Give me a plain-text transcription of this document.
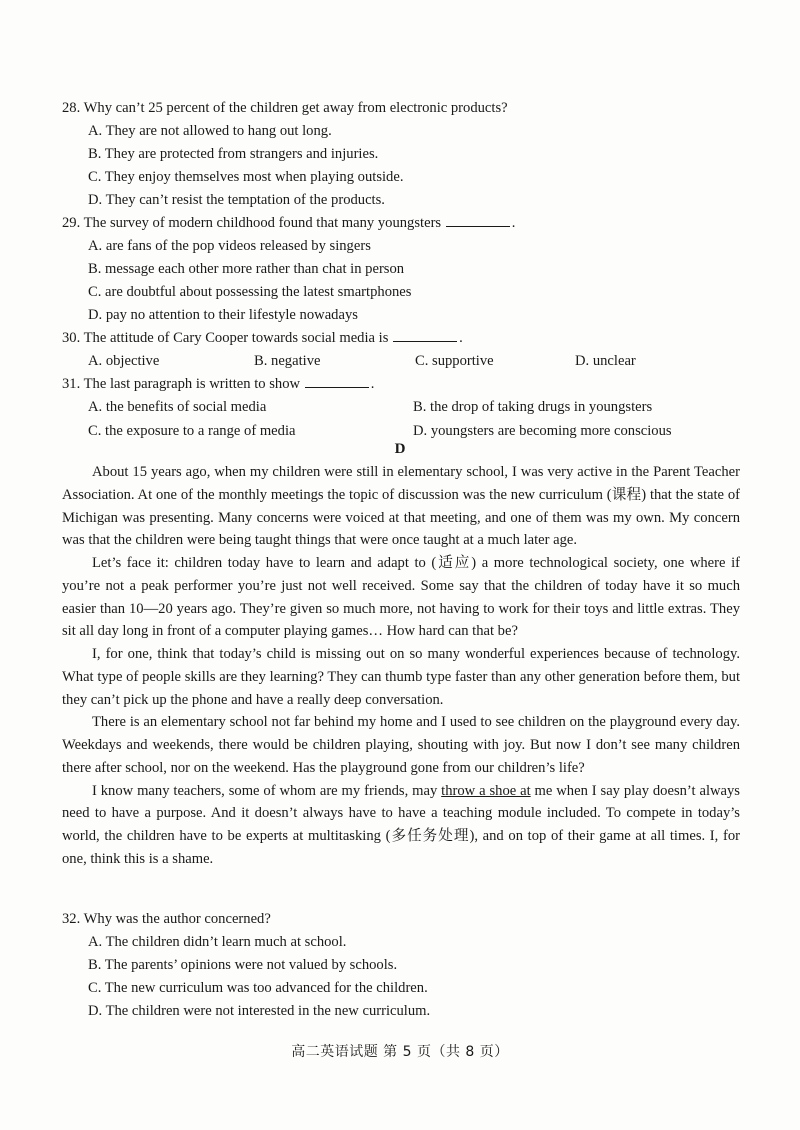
28. Why can’t 25 percent of the children get away from electronic products?
A. They are not allowed to hang out long.
B. They are protected from strangers and injuries.
C. They enjoy themselves most when playing outside.
D. They can’t resist the temptation of the products.
29. The survey of modern childhood found that many youngsters	.
A. are fans of the pop videos released by singers
B. message each other more rather than chat in person
C. are doubtful about possessing the latest smartphones
D. pay no attention to their lifestyle nowadays
30. The attitude of Cary Cooper towards social media is	.
A. objective	B. negative	C. supportive	D. unclear
31. The last paragraph is written to show	.
A. the benefits of social media	B. the drop of taking drugs in youngsters
C. the exposure to a range of media	D. youngsters are becoming more conscious
D

About 15 years ago, when my children were still in elementary school, I was very active in the Parent Teacher Association. At one of the monthly meetings the topic of discussion was the new curriculum (课程) that the state of Michigan was presenting. Many concerns were voiced at that meeting, and one of them was my own. My concern was that the children were being taught things that were once taught at a much later age.

Let’s face it: children today have to learn and adapt to (适应) a more technological society, one where if you’re not a peak performer you’re just not well received. Some say that the children of today have it so much easier than 10—20 years ago. They’re given so much more, not having to work for their toys and little extras. They sit all day long in front of a computer playing games… How hard can that be?

I, for one, think that today’s child is missing out on so many wonderful experiences because of technology. What type of people skills are they learning? They can thumb type faster than any other generation before them, but they can’t pick up the phone and have a really deep conversation.

There is an elementary school not far behind my home and I used to see children on the playground every day. Weekdays and weekends, there would be children playing, shouting with joy. But now I don’t see many children there after school, nor on the weekend. Has the playground gone from our children’s life?

I know many teachers, some of whom are my friends, may throw a shoe at me when I say play doesn’t always need to have a purpose. And it doesn’t always have to have a teaching module included. To compete in today’s world, the children have to be experts at multitasking (多任务处理), and on top of their game at all times. I, for one, think this is a shame.

32. Why was the author concerned?
A. The children didn’t learn much at school.
B. The parents’ opinions were not valued by schools.
C. The new curriculum was too advanced for the children.
D. The children were not interested in the new curriculum.
高二英语试题 第 5 页（共 8 页）
